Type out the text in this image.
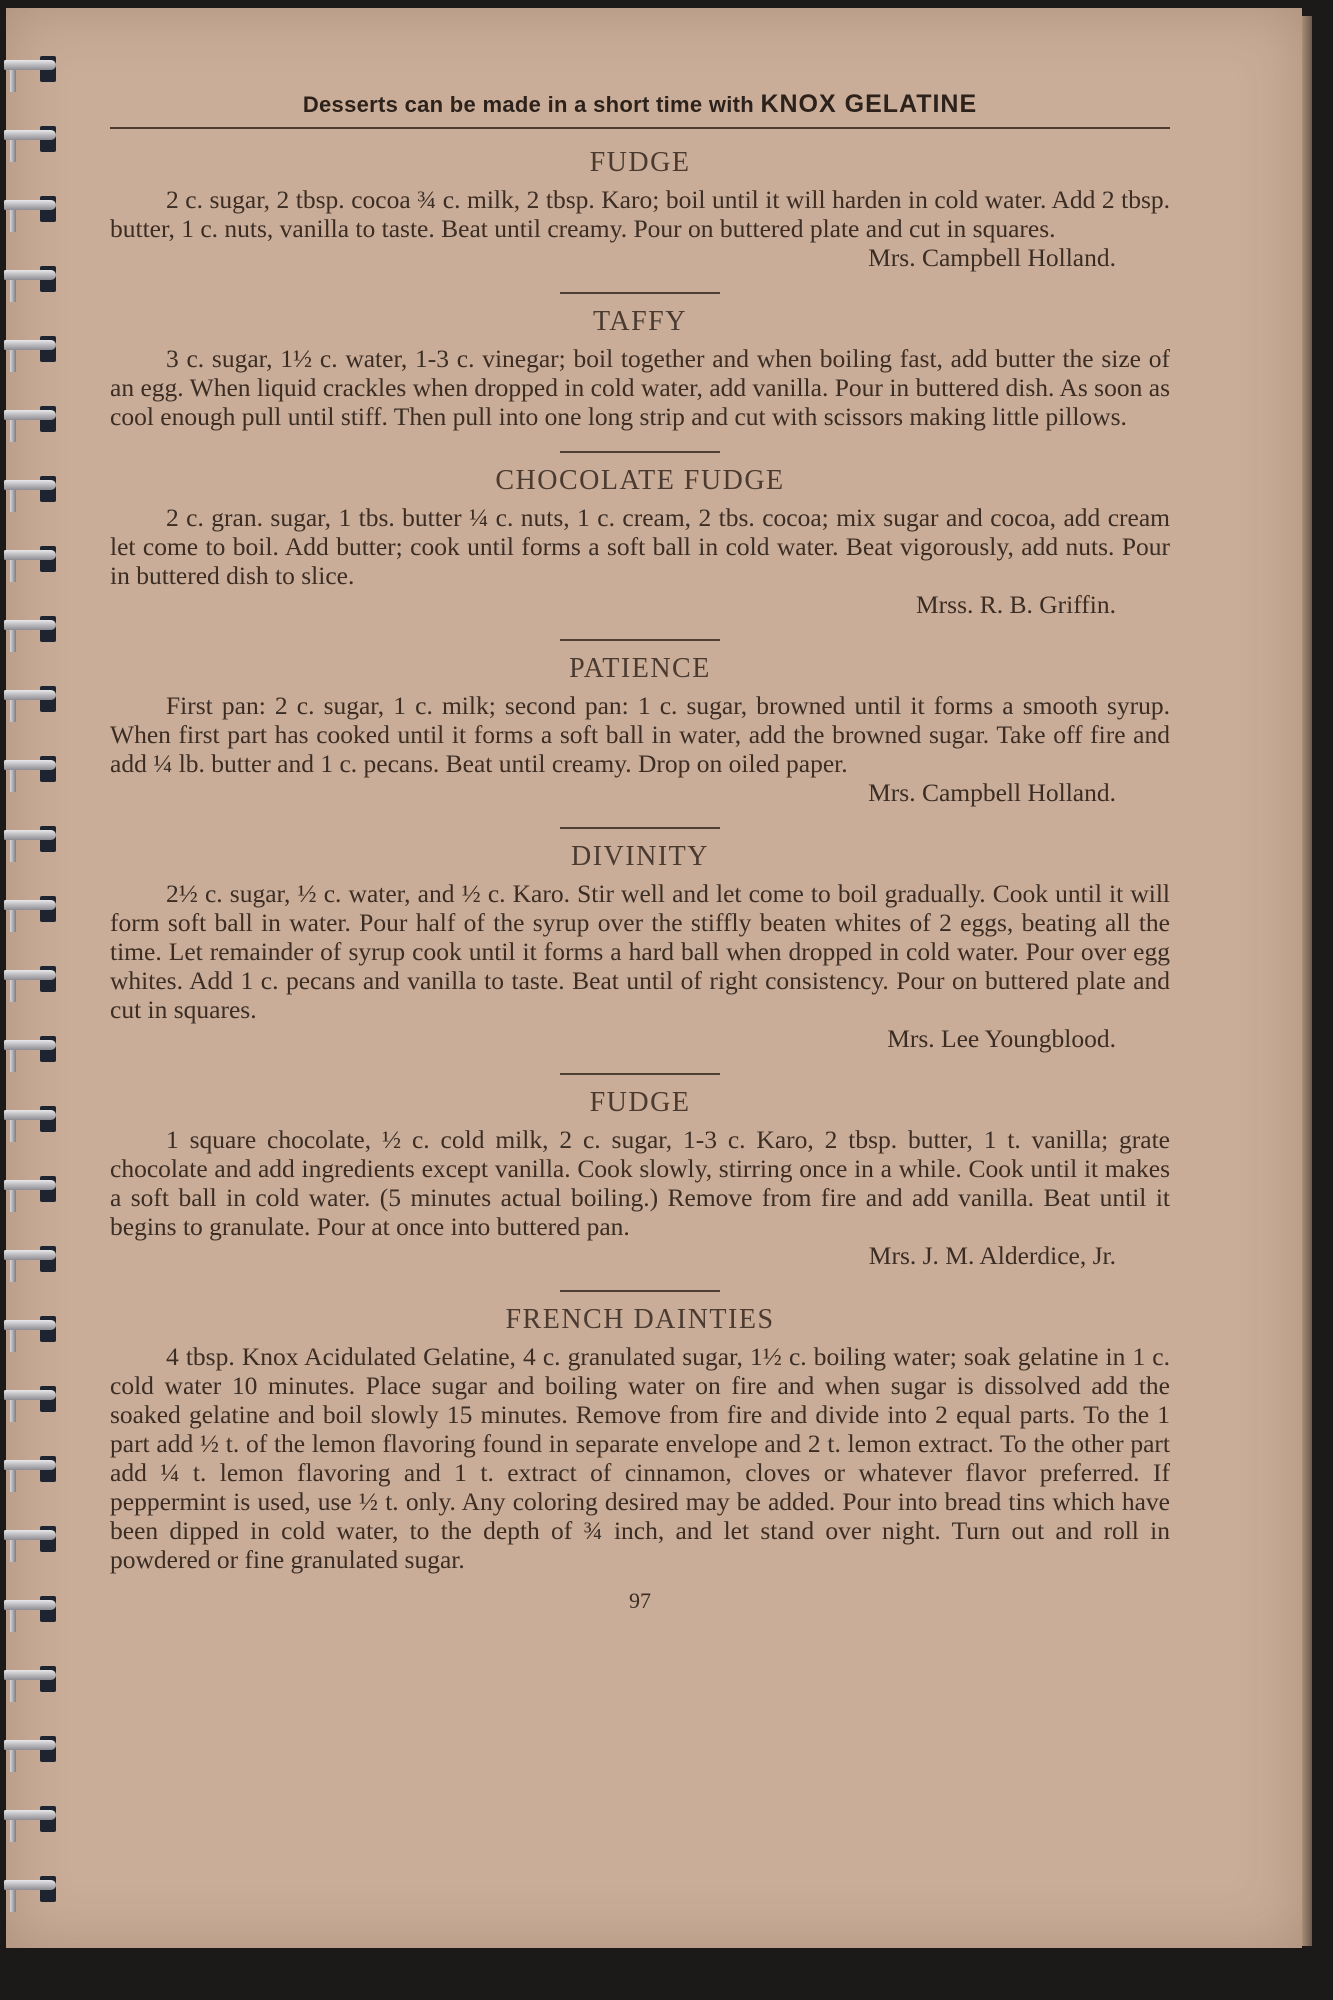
Desserts can be made in a short time with KNOX GELATINE
FUDGE

2 c. sugar, 2 tbsp. cocoa ¾ c. milk, 2 tbsp. Karo; boil until it will harden in cold water. Add 2 tbsp. butter, 1 c. nuts, vanilla to taste. Beat until creamy. Pour on buttered plate and cut in squares.

Mrs. Campbell Holland.

TAFFY

3 c. sugar, 1½ c. water, 1-3 c. vinegar; boil together and when boiling fast, add butter the size of an egg. When liquid crackles when dropped in cold water, add vanilla. Pour in buttered dish. As soon as cool enough pull until stiff. Then pull into one long strip and cut with scissors making little pillows.

CHOCOLATE FUDGE

2 c. gran. sugar, 1 tbs. butter ¼ c. nuts, 1 c. cream, 2 tbs. cocoa; mix sugar and cocoa, add cream let come to boil. Add butter; cook until forms a soft ball in cold water. Beat vigorously, add nuts. Pour in buttered dish to slice.

Mrss. R. B. Griffin.

PATIENCE

First pan: 2 c. sugar, 1 c. milk; second pan: 1 c. sugar, browned until it forms a smooth syrup. When first part has cooked until it forms a soft ball in water, add the browned sugar. Take off fire and add ¼ lb. butter and 1 c. pecans. Beat until creamy. Drop on oiled paper.

Mrs. Campbell Holland.

DIVINITY

2½ c. sugar, ½ c. water, and ½ c. Karo. Stir well and let come to boil gradually. Cook until it will form soft ball in water. Pour half of the syrup over the stiffly beaten whites of 2 eggs, beating all the time. Let remainder of syrup cook until it forms a hard ball when dropped in cold water. Pour over egg whites. Add 1 c. pecans and vanilla to taste. Beat until of right consistency. Pour on buttered plate and cut in squares.

Mrs. Lee Youngblood.

FUDGE

1 square chocolate, ½ c. cold milk, 2 c. sugar, 1-3 c. Karo, 2 tbsp. butter, 1 t. vanilla; grate chocolate and add ingredients except vanilla. Cook slowly, stirring once in a while. Cook until it makes a soft ball in cold water. (5 minutes actual boiling.) Remove from fire and add vanilla. Beat until it begins to granulate. Pour at once into buttered pan.

Mrs. J. M. Alderdice, Jr.

FRENCH DAINTIES

4 tbsp. Knox Acidulated Gelatine, 4 c. granulated sugar, 1½ c. boiling water; soak gelatine in 1 c. cold water 10 minutes. Place sugar and boiling water on fire and when sugar is dissolved add the soaked gelatine and boil slowly 15 minutes. Remove from fire and divide into 2 equal parts. To the 1 part add ½ t. of the lemon flavoring found in separate envelope and 2 t. lemon extract. To the other part add ¼ t. lemon flavoring and 1 t. extract of cinnamon, cloves or whatever flavor preferred. If peppermint is used, use ½ t. only. Any coloring desired may be added. Pour into bread tins which have been dipped in cold water, to the depth of ¾ inch, and let stand over night. Turn out and roll in powdered or fine granulated sugar.

97
